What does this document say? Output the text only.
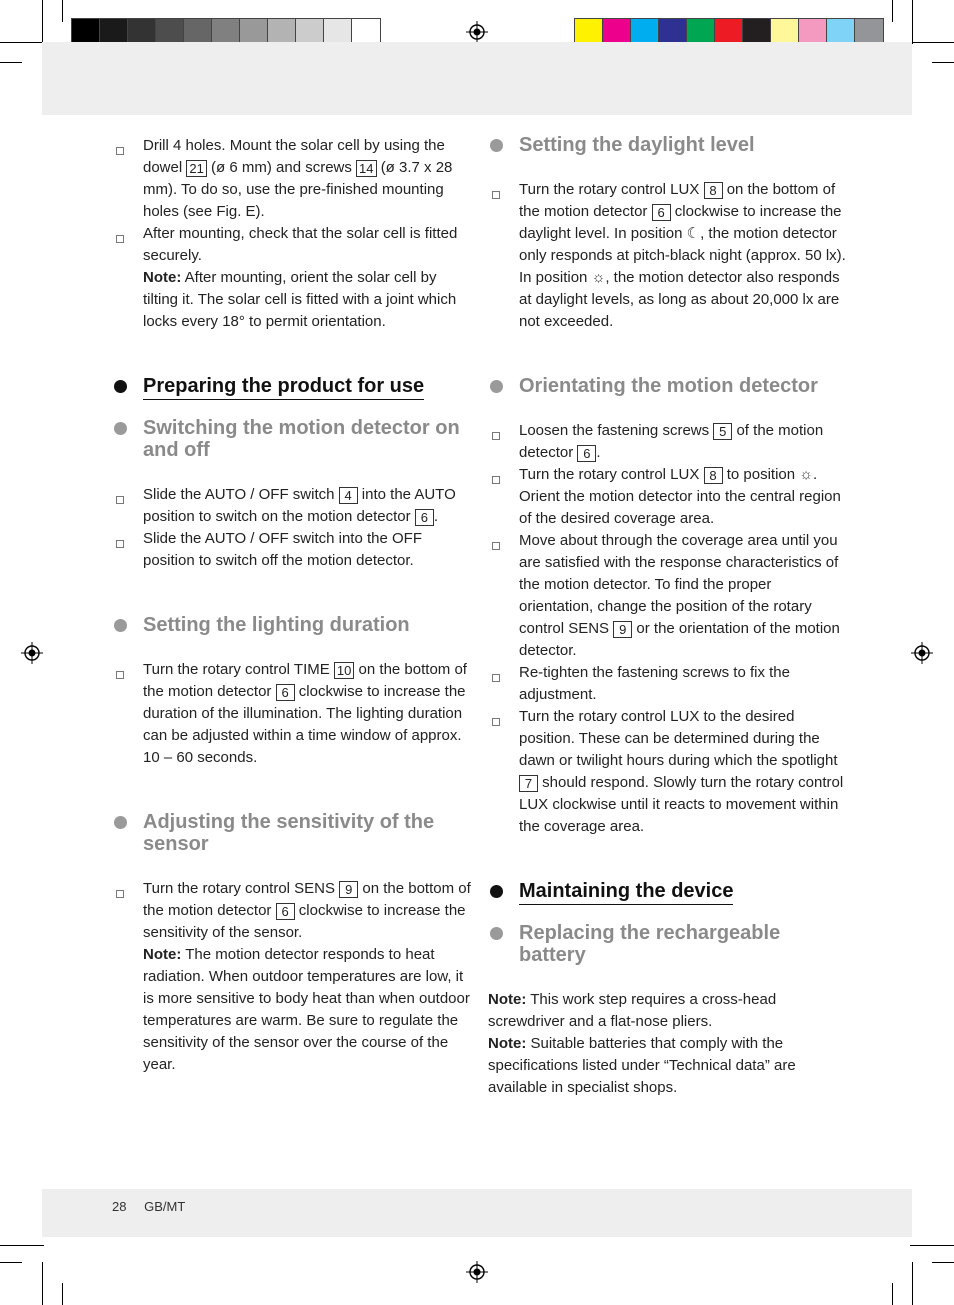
28 GB/MT

Drill 4 holes. Mount the solar cell by using the dowel 21 (ø 6 mm) and screws 14 (ø 3.7 x 28 mm). To do so, use the pre-finished mounting holes (see Fig. E).

After mounting, check that the solar cell is fitted securely.

Note: After mounting, orient the solar cell by tilting it. The solar cell is fitted with a joint which locks every 18° to permit orientation.

Preparing the product for use
Switching the motion detector on and off

Slide the AUTO / OFF switch 4 into the AUTO position to switch on the motion detector 6 .

Slide the AUTO / OFF switch into the OFF position to switch off the motion detector.

Setting the lighting duration

Turn the rotary control TIME 10 on the bottom of the motion detector 6 clockwise to increase the duration of the illumination. The lighting duration can be adjusted within a time window of approx. 10 – 60 seconds.

Adjusting the sensitivity of the sensor

Turn the rotary control SENS 9 on the bottom of the motion detector 6 clockwise to increase the sensitivity of the sensor.

Note: The motion detector responds to heat radiation. When outdoor temperatures are low, it is more sensitive to body heat than when outdoor temperatures are warm. Be sure to regulate the sensitivity of the sensor over the course of the year.

Setting the daylight level

Turn the rotary control LUX 8 on the bottom of the motion detector 6 clockwise to increase the daylight level. In position ☾, the motion detector only responds at pitch-black night (approx. 50 lx). In position ☼, the motion detector also responds at daylight levels, as long as about 20,000 lx are not exceeded.

Orientating the motion detector

Loosen the fastening screws 5 of the motion detector 6 .

Turn the rotary control LUX 8 to position ☼. Orient the motion detector into the central region of the desired coverage area.

Move about through the coverage area until you are satisfied with the response characteristics of the motion detector. To find the proper orientation, change the position of the rotary control SENS 9 or the orientation of the motion detector.

Re-tighten the fastening screws to fix the adjustment.

Turn the rotary control LUX to the desired position. These can be determined during the dawn or twilight hours during which the spotlight 7 should respond. Slowly turn the rotary control LUX clockwise until it reacts to movement within the coverage area.

Maintaining the device
Replacing the rechargeable battery

Note: This work step requires a cross-head screwdriver and a flat-nose pliers.

Note: Suitable batteries that comply with the specifications listed under “Technical data” are available in specialist shops.
